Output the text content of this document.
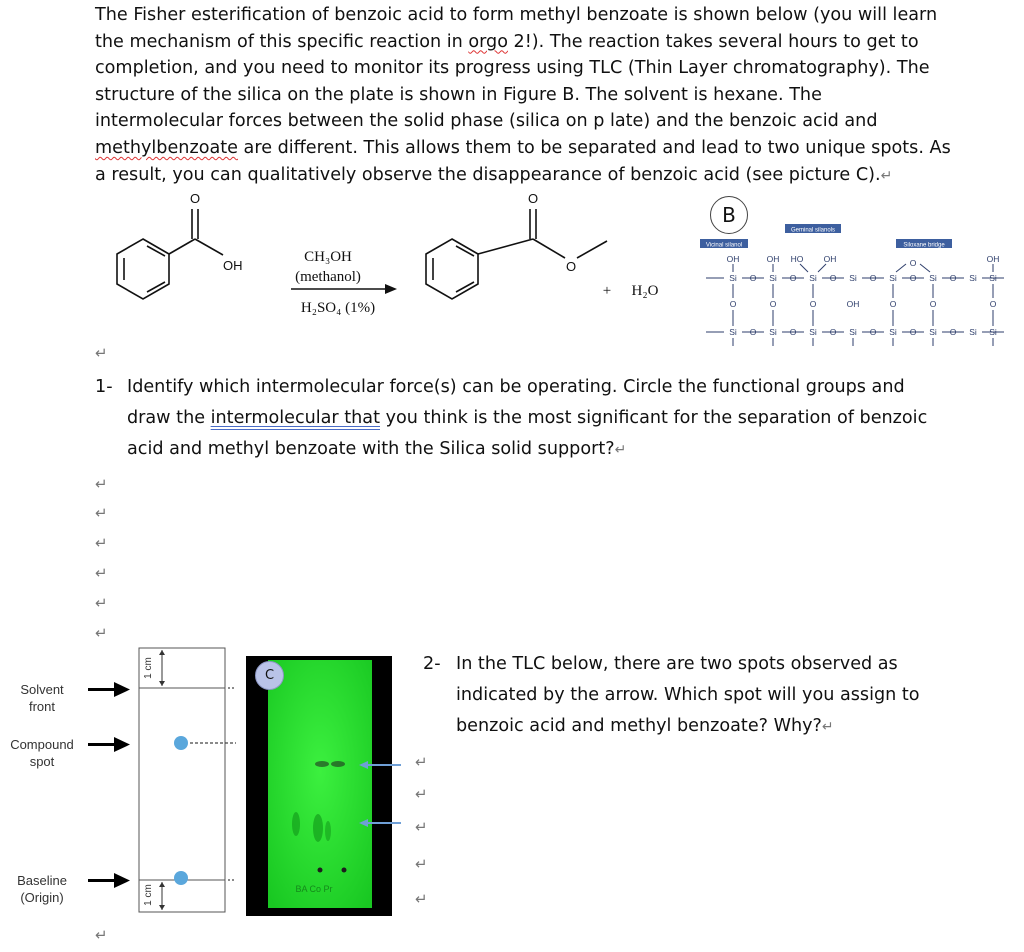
The Fisher esterification of benzoic acid to form methyl benzoate is shown below (you will learn the mechanism of this specific reaction in orgo 2!). The reaction takes several hours to get to completion, and you need to monitor its progress using TLC (Thin Layer chromatography). The structure of the silica on the plate is shown in Figure B. The solvent is hexane. The intermolecular forces between the solid phase (silica on p late) and the benzoic acid and methylbenzoate are different. This allows them to be separated and lead to two unique spots. As a result, you can qualitatively observe the disappearance of benzoic acid (see picture C).↵
O
OH
CH₃OH
(methanol)
H₂SO₄ (1%)
O
O
+ H₂O
B
Vicinal silanol
Geminal silanols
Siloxane bridge
OH	OH HO OH	O	OH
Si O Si O Si O Si O Si O Si O Si Si
O	O	O	OH	O	O	O
Si O Si O Si O Si O Si O Si O Si Si
↵
↵
↵
↵
↵
↵
↵
↵
1- Identify which intermolecular force(s) can be operating. Circle the functional groups and
draw the intermolecular that you think is the most significant for the separation of benzoic
acid and methyl benzoate with the Silica solid support?↵
2- In the TLC below, there are two spots observed as
indicated by the arrow. Which spot will you assign to
benzoic acid and methyl benzoate? Why?↵
Solvent
front
Compound
spot
Baseline
(Origin)
1 cm
1 cm	BA Co Pr
C
↵
↵
↵
↵
↵
